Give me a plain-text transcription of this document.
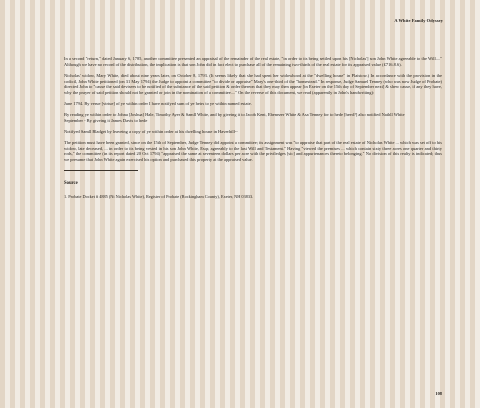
A White Family Odyssey

In a second "return," dated January 6, 1785, another committee presented an appraisal of the remainder of the real estate, "in order to its being settled upon his [Nicholas'] son John White agreeable to the Will...." Although we have no record of the distribution, the implication is that son John did in fact elect to purchase all of the remaining two-thirds of the real estate for its appraised value (£716.8.6).

Nicholas' widow, Mary White, died about nine years later, on October 8, 1793. (It seems likely that she had spent her widowhood at the "dwelling house" in Plaistow.) In accordance with the provision in the codicil, John White petitioned (on 31 May 1794) the Judge to appoint a committee "to divide or appraise" Mary's one-third of the "homestead." In response, Judge Samuel Tenney (who was now Judge of Probate) directed John to "cause the said devisees to be notified of the substance of the said petition & order thereon that they may then appear [in Exeter on the 15th day of September next] & shew cause, if any they have, why the prayer of said petition should not be granted or join in the nomination of a committee...." On the reverse of this document, we read (apparently in John's handwriting):

June 1794. By verue [virtue] of ye within order I have notifyed sum of ye heirs to ye within named estate.

By reading ye within order to Johna [Joshua] Hale, Timothy Ayer & Samll White, and by giveing it to Jacob Kent, Ebenezer White & Asa Tenney for to hede [heed?] also notified Nathll White

September - By giveing it James Davis to hede

Notifyed Samll Bladget by leaveing a copy of ye within order at his dwelling house in Haverhill--

The petition must have been granted, since on the 15th of September, Judge Tenney did appoint a committee; its assignment was "to appraise that part of the real estate of Nicholas White ... which was set off to his widow, late deceased, ... in order to its being vested in his son John White, Esqr, agreeably to the last Will and Testament." Having "viewed the premises ... which contain sixty three acres one quarter and thirty rods," the committee (in its report dated 20 Oct 1794) "appraised the same at seventeen dollars per acre with the priviledges [sic] and appurtenances thereto belonging." No division of this realty is indicated; thus we presume that John White again exercised his option and purchased this property at the appraised value.

Source
1. Probate Docket # 4885 (Ni Nicholas White), Register of Probate (Rockingham County), Exeter, NH 03833.
108
